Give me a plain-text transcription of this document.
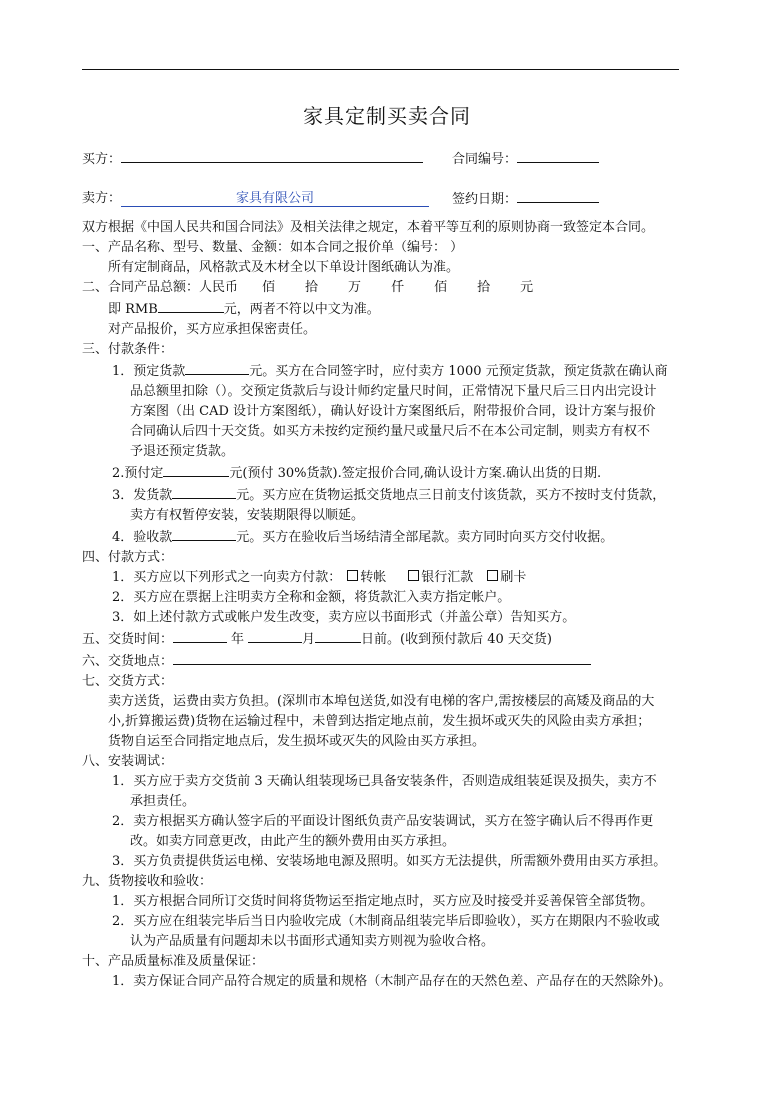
家具定制买卖合同
买方：	合同编号：
卖方：	家具有限公司	签约日期：

双方根据《中国人民共和国合同法》及相关法律之规定，本着平等互利的原则协商一致签定本合同。

一、产品名称、型号、数量、金额：如本合同之报价单（编号： ）

所有定制商品，风格款式及木材全以下单设计图纸确认为准。

二、合同产品总额：人民币 佰 拾 万 仟 佰 拾 元

即 RMB	元，两者不符以中文为准。

对产品报价，买方应承担保密责任。

三、付款条件：

1．预定货款	元。买方在合同签字时，应付卖方 1000 元预定货款，预定货款在确认商

品总额里扣除（）。交预定货款后与设计师约定量尺时间，正常情况下量尺后三日内出完设计

方案图（出 CAD 设计方案图纸），确认好设计方案图纸后，附带报价合同，设计方案与报价

合同确认后四十天交货。如买方未按约定预约量尺或量尺后不在本公司定制，则卖方有权不

予退还预定货款。

2.预付定	元(预付 30%货款).签定报价合同,确认设计方案.确认出货的日期.

3．发货款	元。买方应在货物运抵交货地点三日前支付该货款，买方不按时支付货款，

卖方有权暂停安装，安装期限得以顺延。

4．验收款	元。买方在验收后当场结清全部尾款。卖方同时向买方交付收据。

四、付款方式：

1．买方应以下列形式之一向卖方付款： 转帐	银行汇款 刷卡

2．买方应在票据上注明卖方全称和金额，将货款汇入卖方指定帐户。

3．如上述付款方式或帐户发生改变，卖方应以书面形式（并盖公章）告知买方。

五、交货时间：	年	月	日前。(收到预付款后 40 天交货)

六、交货地点：

七、交货方式：

卖方送货，运费由卖方负担。(深圳市本埠包送货,如没有电梯的客户,需按楼层的高矮及商品的大

小,折算搬运费)货物在运输过程中，未曾到达指定地点前，发生损坏或灭失的风险由卖方承担；

货物自运至合同指定地点后，发生损坏或灭失的风险由买方承担。

八、安装调试：

1．买方应于卖方交货前 3 天确认组装现场已具备安装条件，否则造成组装延误及损失，卖方不

承担责任。

2．卖方根据买方确认签字后的平面设计图纸负责产品安装调试，买方在签字确认后不得再作更

改。如卖方同意更改，由此产生的额外费用由买方承担。

3．买方负责提供货运电梯、安装场地电源及照明。如买方无法提供，所需额外费用由买方承担。

九、货物接收和验收：

1．买方根据合同所订交货时间将货物运至指定地点时，买方应及时接受并妥善保管全部货物。

2．买方应在组装完毕后当日内验收完成（木制商品组装完毕后即验收），买方在期限内不验收或

认为产品质量有问题却未以书面形式通知卖方则视为验收合格。

十、产品质量标准及质量保证：

1．卖方保证合同产品符合规定的质量和规格（木制产品存在的天然色差、产品存在的天然除外)。
